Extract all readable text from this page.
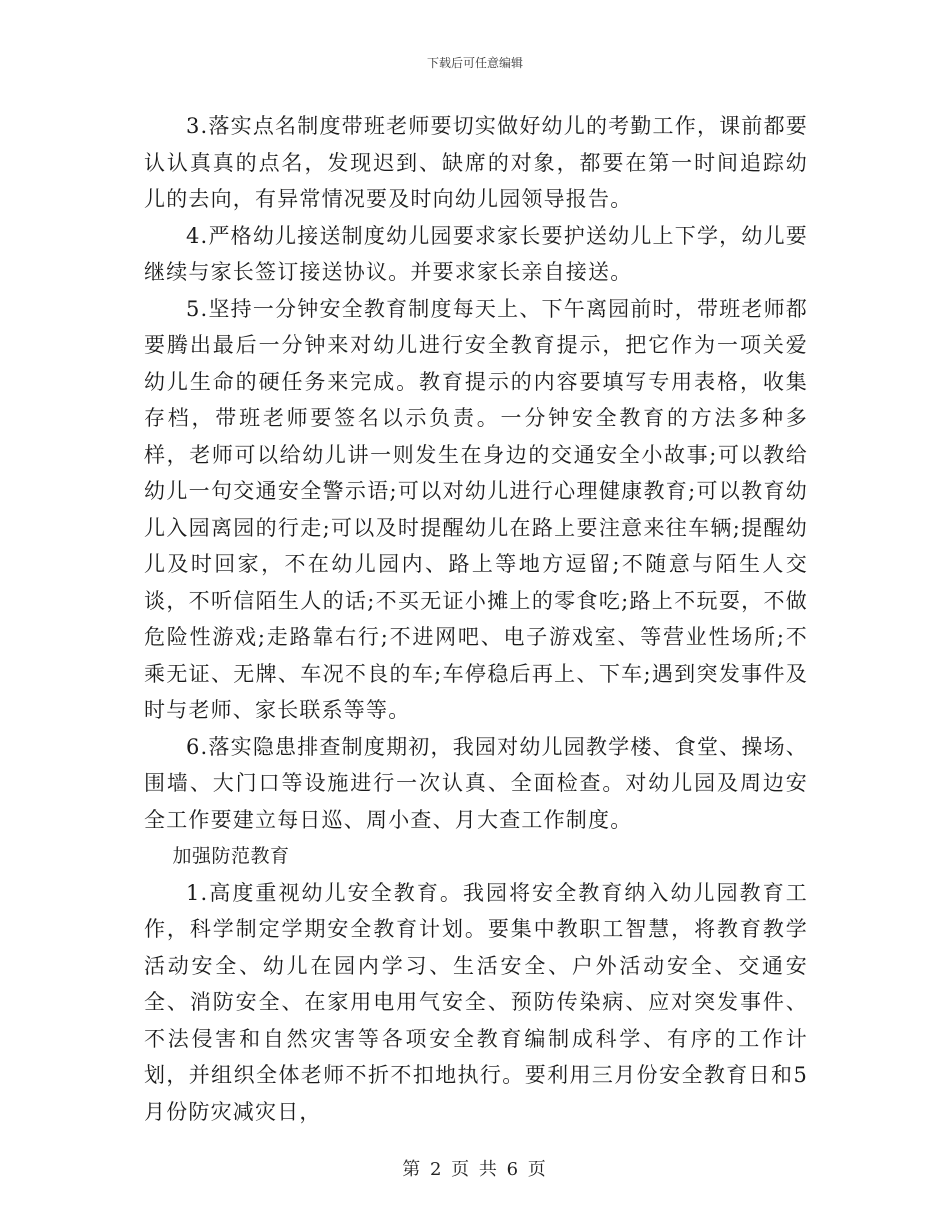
下载后可任意编辑

3.落实点名制度带班老师要切实做好幼儿的考勤工作，课前都要认认真真的点名，发现迟到、缺席的对象，都要在第一时间追踪幼儿的去向，有异常情况要及时向幼儿园领导报告。

4.严格幼儿接送制度幼儿园要求家长要护送幼儿上下学，幼儿要继续与家长签订接送协议。并要求家长亲自接送。

5.坚持一分钟安全教育制度每天上、下午离园前时，带班老师都要腾出最后一分钟来对幼儿进行安全教育提示，把它作为一项关爱幼儿生命的硬任务来完成。教育提示的内容要填写专用表格，收集存档，带班老师要签名以示负责。一分钟安全教育的方法多种多样，老师可以给幼儿讲一则发生在身边的交通安全小故事;可以教给幼儿一句交通安全警示语;可以对幼儿进行心理健康教育;可以教育幼儿入园离园的行走;可以及时提醒幼儿在路上要注意来往车辆;提醒幼儿及时回家，不在幼儿园内、路上等地方逗留;不随意与陌生人交谈，不听信陌生人的话;不买无证小摊上的零食吃;路上不玩耍，不做危险性游戏;走路靠右行;不进网吧、电子游戏室、等营业性场所;不乘无证、无牌、车况不良的车;车停稳后再上、下车;遇到突发事件及时与老师、家长联系等等。

6.落实隐患排查制度期初，我园对幼儿园教学楼、食堂、操场、围墙、大门口等设施进行一次认真、全面检查。对幼儿园及周边安全工作要建立每日巡、周小查、月大查工作制度。

加强防范教育

1.高度重视幼儿安全教育。我园将安全教育纳入幼儿园教育工作，科学制定学期安全教育计划。要集中教职工智慧，将教育教学活动安全、幼儿在园内学习、生活安全、户外活动安全、交通安全、消防安全、在家用电用气安全、预防传染病、应对突发事件、不法侵害和自然灾害等各项安全教育编制成科学、有序的工作计划，并组织全体老师不折不扣地执行。要利用三月份安全教育日和5月份防灾减灾日，

第 2 页 共 6 页
